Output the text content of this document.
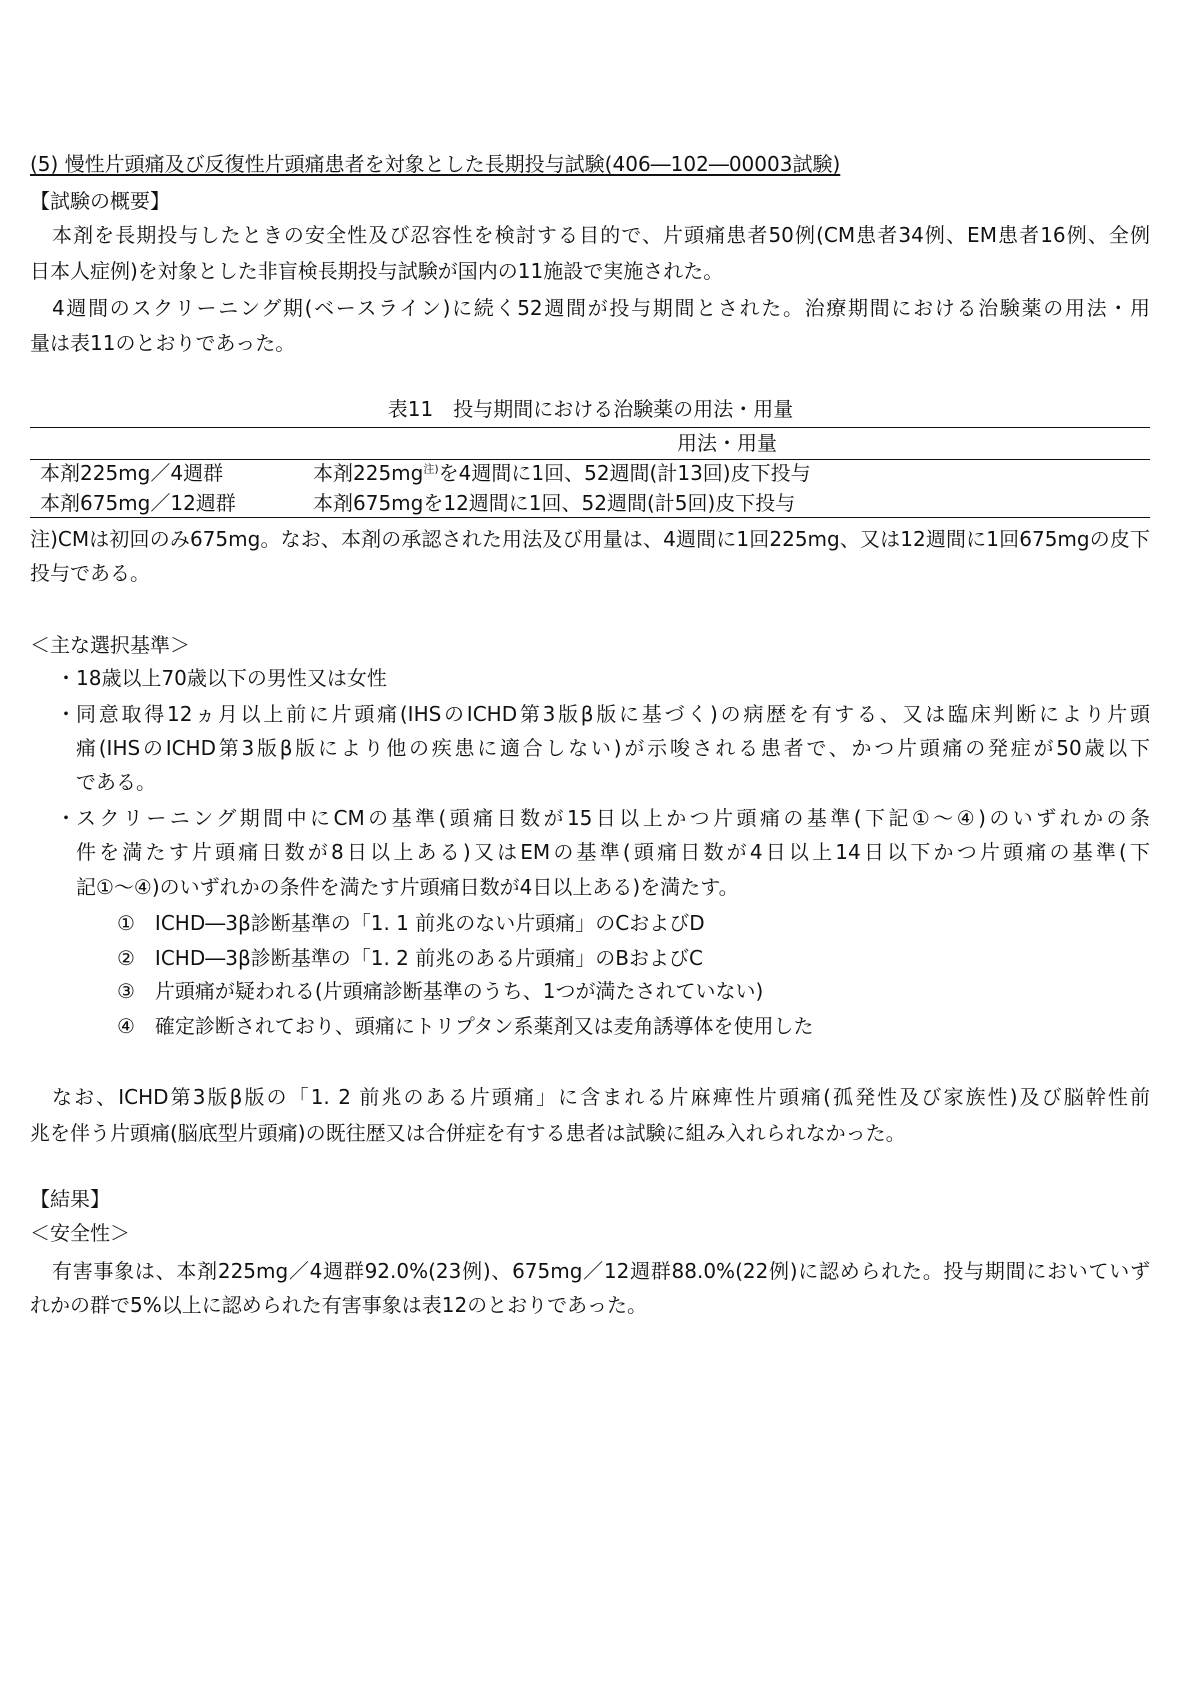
(5) 慢性片頭痛及び反復性片頭痛患者を対象とした長期投与試験(406―102―00003試験)
【試験の概要】
本剤を長期投与したときの安全性及び忍容性を検討する目的で、片頭痛患者50例(CM患者34例、EM患者16例、全例
日本人症例)を対象とした非盲検長期投与試験が国内の11施設で実施された。
4週間のスクリーニング期(ベースライン)に続く52週間が投与期間とされた。治療期間における治験薬の用法・用
量は表11のとおりであった。
表11　投与期間における治験薬の用法・用量
用法・用量
本剤225mg／4週群	本剤$225mg^{注)}$を4週間に1回、52週間(計13回)皮下投与
本剤675mg／12週群	本剤675mgを12週間に1回、52週間(計5回)皮下投与
注)CMは初回のみ675mg。なお、本剤の承認された用法及び用量は、4週間に1回225mg、又は12週間に1回675mgの皮下
投与である。
＜主な選択基準＞
・ 18歳以上70歳以下の男性又は女性
・ 同意取得12ヵ月以上前に片頭痛(IHSのICHD第3版β版に基づく)の病歴を有する、又は臨床判断により片頭
痛(IHSのICHD第3版β版により他の疾患に適合しない)が示唆される患者で、かつ片頭痛の発症が50歳以下
である。
・ スクリーニング期間中にCMの基準(頭痛日数が15日以上かつ片頭痛の基準(下記①～④)のいずれかの条
件を満たす片頭痛日数が8日以上ある)又はEMの基準(頭痛日数が4日以上14日以下かつ片頭痛の基準(下
記①～④)のいずれかの条件を満たす片頭痛日数が4日以上ある)を満たす。
①　ICHD―3β診断基準の「1. 1 前兆のない片頭痛」のCおよびD
②　ICHD―3β診断基準の「1. 2 前兆のある片頭痛」のBおよびC
③　片頭痛が疑われる(片頭痛診断基準のうち、1つが満たされていない)
④　確定診断されており、頭痛にトリプタン系薬剤又は麦角誘導体を使用した
なお、ICHD第3版β版の「1. 2 前兆のある片頭痛」に含まれる片麻痺性片頭痛(孤発性及び家族性)及び脳幹性前
兆を伴う片頭痛(脳底型片頭痛)の既往歴又は合併症を有する患者は試験に組み入れられなかった。
【結果】
＜安全性＞
有害事象は、本剤225mg／4週群92.0%(23例)、675mg／12週群88.0%(22例)に認められた。投与期間においていず
れかの群で5%以上に認められた有害事象は表12のとおりであった。
